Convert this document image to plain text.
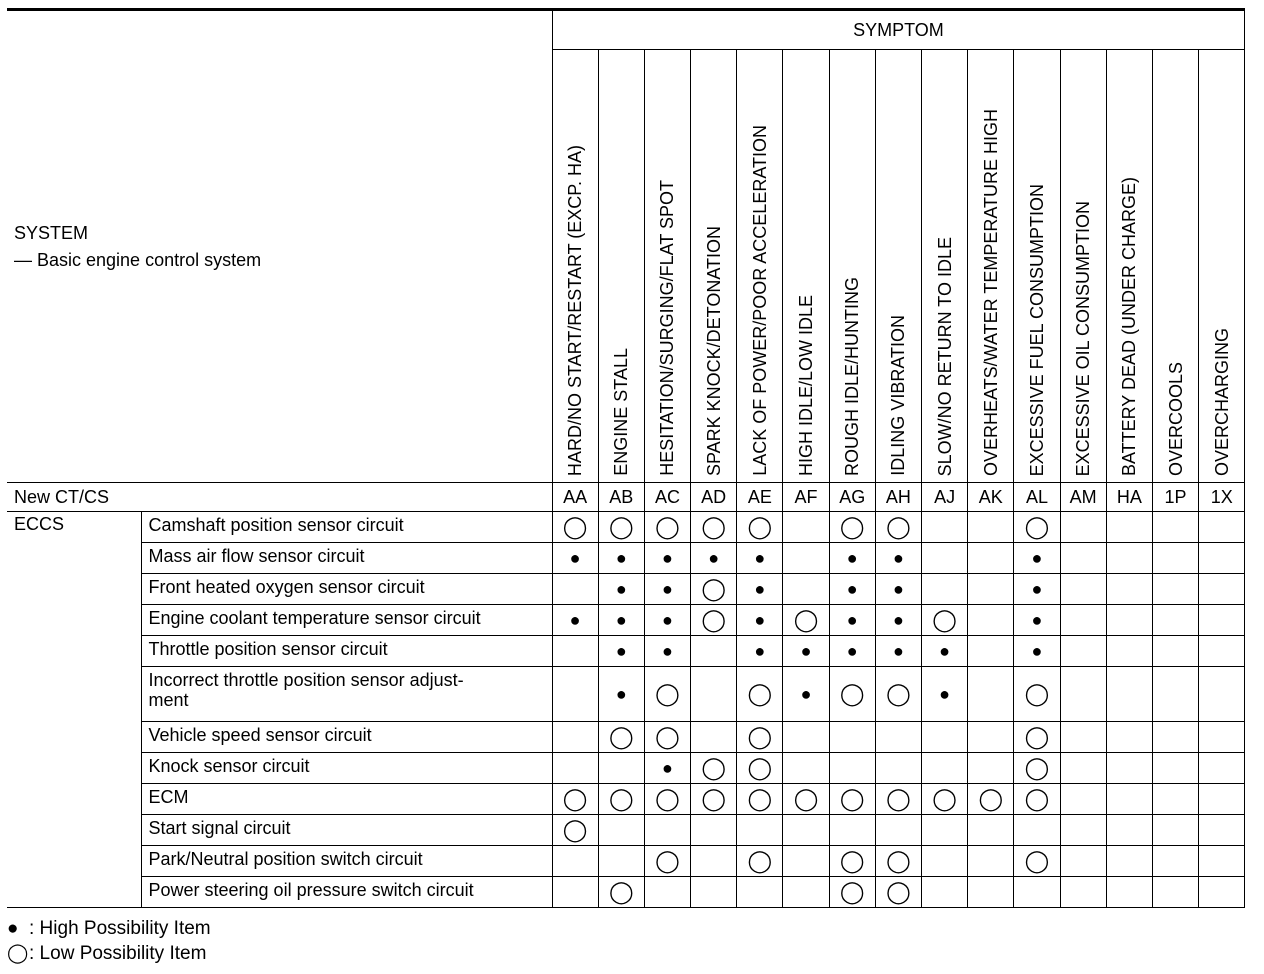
SYSTEM
— Basic engine control system		SYMPTOM														

		HARD/NO START/RESTART (EXCP. HA)	ENGINE STALL	HESITATION/SURGING/FLAT SPOT	SPARK KNOCK/DETONATION	LACK OF POWER/POOR ACCELERATION	HIGH IDLE/LOW IDLE	ROUGH IDLE/HUNTING	IDLING VIBRATION	SLOW/NO RETURN TO IDLE	OVERHEATS/WATER TEMPERATURE HIGH	EXCESSIVE FUEL CONSUMPTION	EXCESSIVE OIL CONSUMPTION	BATTERY DEAD (UNDER CHARGE)	OVERCOOLS	OVERCHARGING

New CT/CS		AA	AB	AC	AD	AE	AF	AG	AH	AJ	AK	AL	AM	HA	1P	1X
ECCS	Camshaft position sensor circuit	◯	◯	◯	◯	◯		◯	◯			◯				
	Mass air flow sensor circuit	●	●	●	●	●		●	●			●				
	Front heated oxygen sensor circuit		●	●	◯	●		●	●			●				
	Engine coolant temperature sensor circuit	●	●	●	◯	●	◯	●	●	◯		●				
	Throttle position sensor circuit		●	●		●	●	●	●	●		●				
	Incorrect throttle position sensor adjust-
ment		●	◯		◯	●	◯	◯	●		◯				
	Vehicle speed sensor circuit		◯	◯		◯						◯				
	Knock sensor circuit			●	◯	◯						◯				
	ECM	◯	◯	◯	◯	◯	◯	◯	◯	◯	◯	◯				
	Start signal circuit	◯														
	Park/Neutral position switch circuit			◯		◯		◯	◯			◯				
	Power steering oil pressure switch circuit		◯					◯	◯							
● : High Possibility Item
◯: Low Possibility Item
